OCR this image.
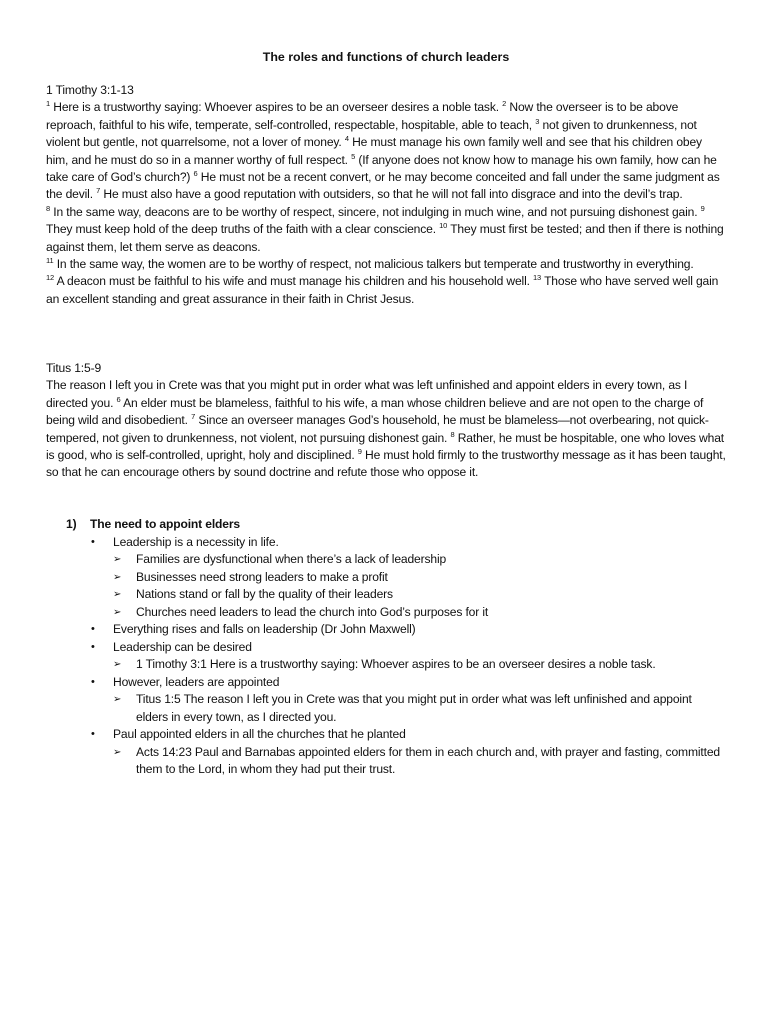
The roles and functions of church leaders

1 Timothy 3:1-13

$^1$ Here is a trustworthy saying: Whoever aspires to be an overseer desires a noble task. $^2$ Now the overseer is to be above reproach, faithful to his wife, temperate, self-controlled, respectable, hospitable, able to teach, $^3$ not given to drunkenness, not violent but gentle, not quarrelsome, not a lover of money. $^4$ He must manage his own family well and see that his children obey him, and he must do so in a manner worthy of full respect. $^5$ (If anyone does not know how to manage his own family, how can he take care of God’s church?) $^6$ He must not be a recent convert, or he may become conceited and fall under the same judgment as the devil. $^7$ He must also have a good reputation with outsiders, so that he will not fall into disgrace and into the devil’s trap.

$^8$ In the same way, deacons are to be worthy of respect, sincere, not indulging in much wine, and not pursuing dishonest gain. $^9$ They must keep hold of the deep truths of the faith with a clear conscience. $^{10}$ They must first be tested; and then if there is nothing against them, let them serve as deacons.

$^{11}$ In the same way, the women are to be worthy of respect, not malicious talkers but temperate and trustworthy in everything.

$^{12}$ A deacon must be faithful to his wife and must manage his children and his household well. $^{13}$ Those who have served well gain an excellent standing and great assurance in their faith in Christ Jesus.

Titus 1:5-9

The reason I left you in Crete was that you might put in order what was left unfinished and appoint elders in every town, as I directed you. $^6$ An elder must be blameless, faithful to his wife, a man whose children believe and are not open to the charge of being wild and disobedient. $^7$ Since an overseer manages God’s household, he must be blameless—not overbearing, not quick-tempered, not given to drunkenness, not violent, not pursuing dishonest gain. $^8$ Rather, he must be hospitable, one who loves what is good, who is self-controlled, upright, holy and disciplined. $^9$ He must hold firmly to the trustworthy message as it has been taught, so that he can encourage others by sound doctrine and refute those who oppose it.

1) The need to appoint elders
• Leadership is a necessity in life.
➢ Families are dysfunctional when there’s a lack of leadership
➢ Businesses need strong leaders to make a profit
➢ Nations stand or fall by the quality of their leaders
➢ Churches need leaders to lead the church into God’s purposes for it
• Everything rises and falls on leadership (Dr John Maxwell)
• Leadership can be desired
➢ 1 Timothy 3:1 Here is a trustworthy saying: Whoever aspires to be an overseer desires a noble task.
• However, leaders are appointed
➢ Titus 1:5 The reason I left you in Crete was that you might put in order what was left unfinished and appoint elders in every town, as I directed you.
• Paul appointed elders in all the churches that he planted
➢ Acts 14:23 Paul and Barnabas appointed elders for them in each church and, with prayer and fasting, committed them to the Lord, in whom they had put their trust.
